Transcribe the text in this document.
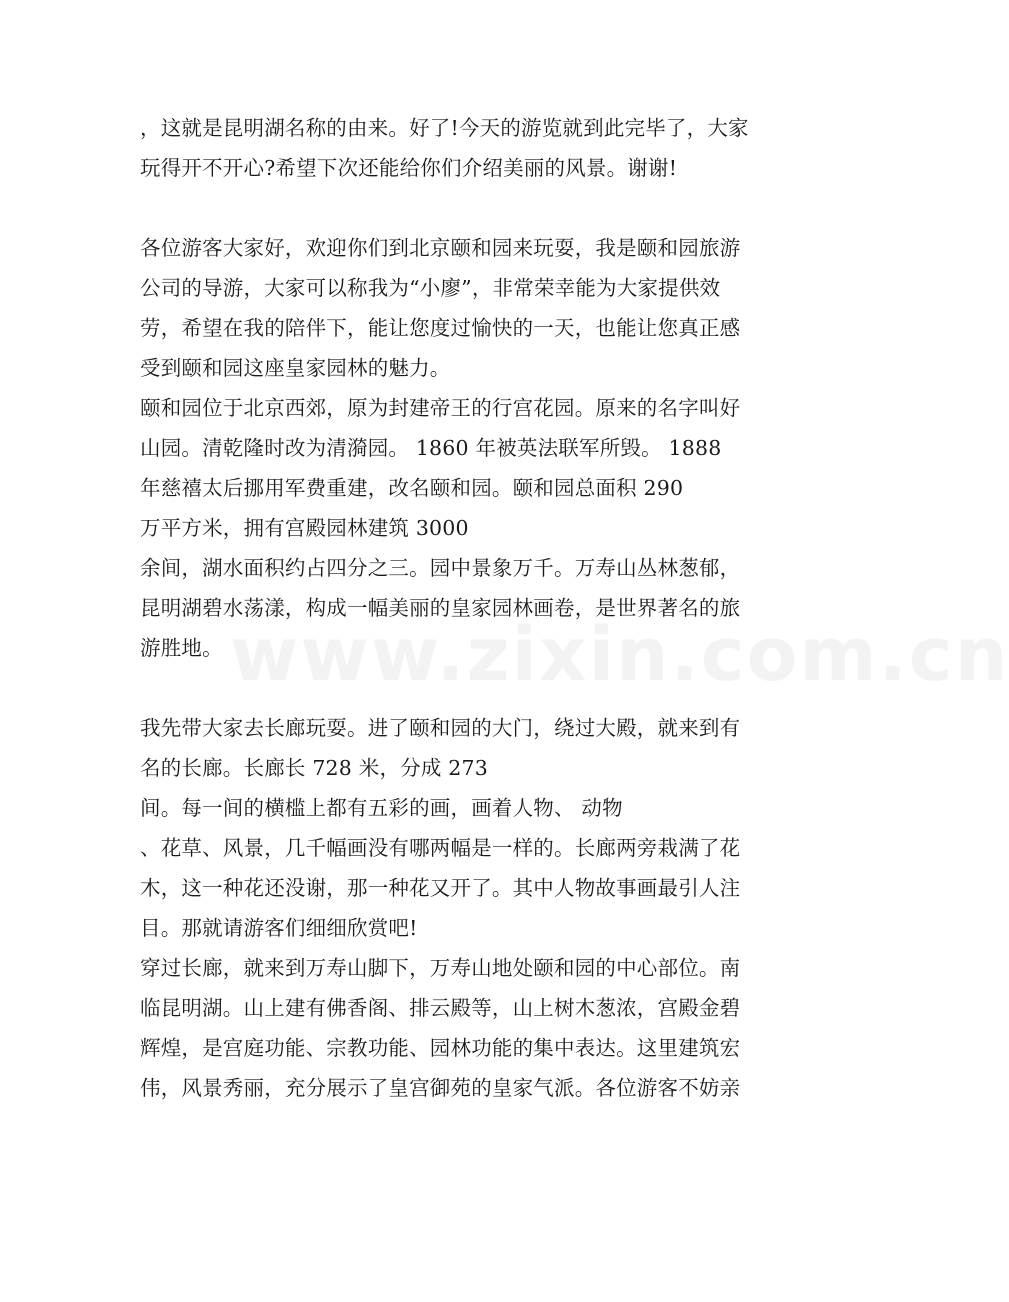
www.zixin.com.cn
，这就是昆明湖名称的由来。好了!今天的游览就到此完毕了，大家
玩得开不开心?希望下次还能给你们介绍美丽的风景。谢谢!
各位游客大家好，欢迎你们到北京颐和园来玩耍，我是颐和园旅游
公司的导游，大家可以称我为“小廖”，非常荣幸能为大家提供效
劳，希望在我的陪伴下，能让您度过愉快的一天，也能让您真正感
受到颐和园这座皇家园林的魅力。
颐和园位于北京西郊，原为封建帝王的行宫花园。原来的名字叫好
山园。清乾隆时改为清漪园。 1860 年被英法联军所毁。 1888
年慈禧太后挪用军费重建，改名颐和园。颐和园总面积 290
万平方米，拥有宫殿园林建筑 3000
余间，湖水面积约占四分之三。园中景象万千。万寿山丛林葱郁，
昆明湖碧水荡漾，构成一幅美丽的皇家园林画卷，是世界著名的旅
游胜地。
我先带大家去长廊玩耍。进了颐和园的大门，绕过大殿，就来到有
名的长廊。长廊长 728 米，分成 273
间。每一间的横槛上都有五彩的画，画着人物、 动物
、花草、风景，几千幅画没有哪两幅是一样的。长廊两旁栽满了花
木，这一种花还没谢，那一种花又开了。其中人物故事画最引人注
目。那就请游客们细细欣赏吧!
穿过长廊，就来到万寿山脚下，万寿山地处颐和园的中心部位。南
临昆明湖。山上建有佛香阁、排云殿等，山上树木葱浓，宫殿金碧
辉煌，是宫庭功能、宗教功能、园林功能的集中表达。这里建筑宏
伟，风景秀丽，充分展示了皇宫御苑的皇家气派。各位游客不妨亲
